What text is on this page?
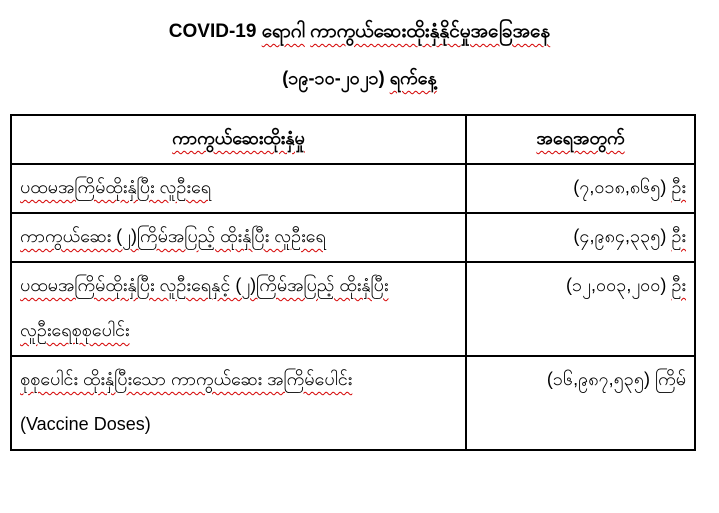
COVID-19 ရောဂါ ကာကွယ်ဆေးထိုးနှံနိုင်မှုအခြေအနေ
(၁၉-၁၀-၂၀၂၁) ရက်နေ့
ကာကွယ်ဆေးထိုးနှံမှု	အရေအတွက်
ပထမအကြိမ်ထိုးနှံပြီး လူဦးရေ	(၇,၀၁၈,၈၆၅) ဦး
ကာကွယ်ဆေး (၂)ကြိမ်အပြည့် ထိုးနှံပြီး လူဦးရေ	(၄,၉၈၄,၃၃၅) ဦး
ပထမအကြိမ်ထိုးနှံပြီး လူဦးရေနှင့် (၂)ကြိမ်အပြည့် ထိုးနှံပြီး
လူဦးရေစုစုပေါင်း	(၁၂,၀၀၃,၂၀၀) ဦး
စုစုပေါင်း ထိုးနှံပြီးသော ကာကွယ်ဆေး အကြိမ်ပေါင်း
(Vaccine Doses)	(၁၆,၉၈၇,၅၃၅) ကြိမ်
